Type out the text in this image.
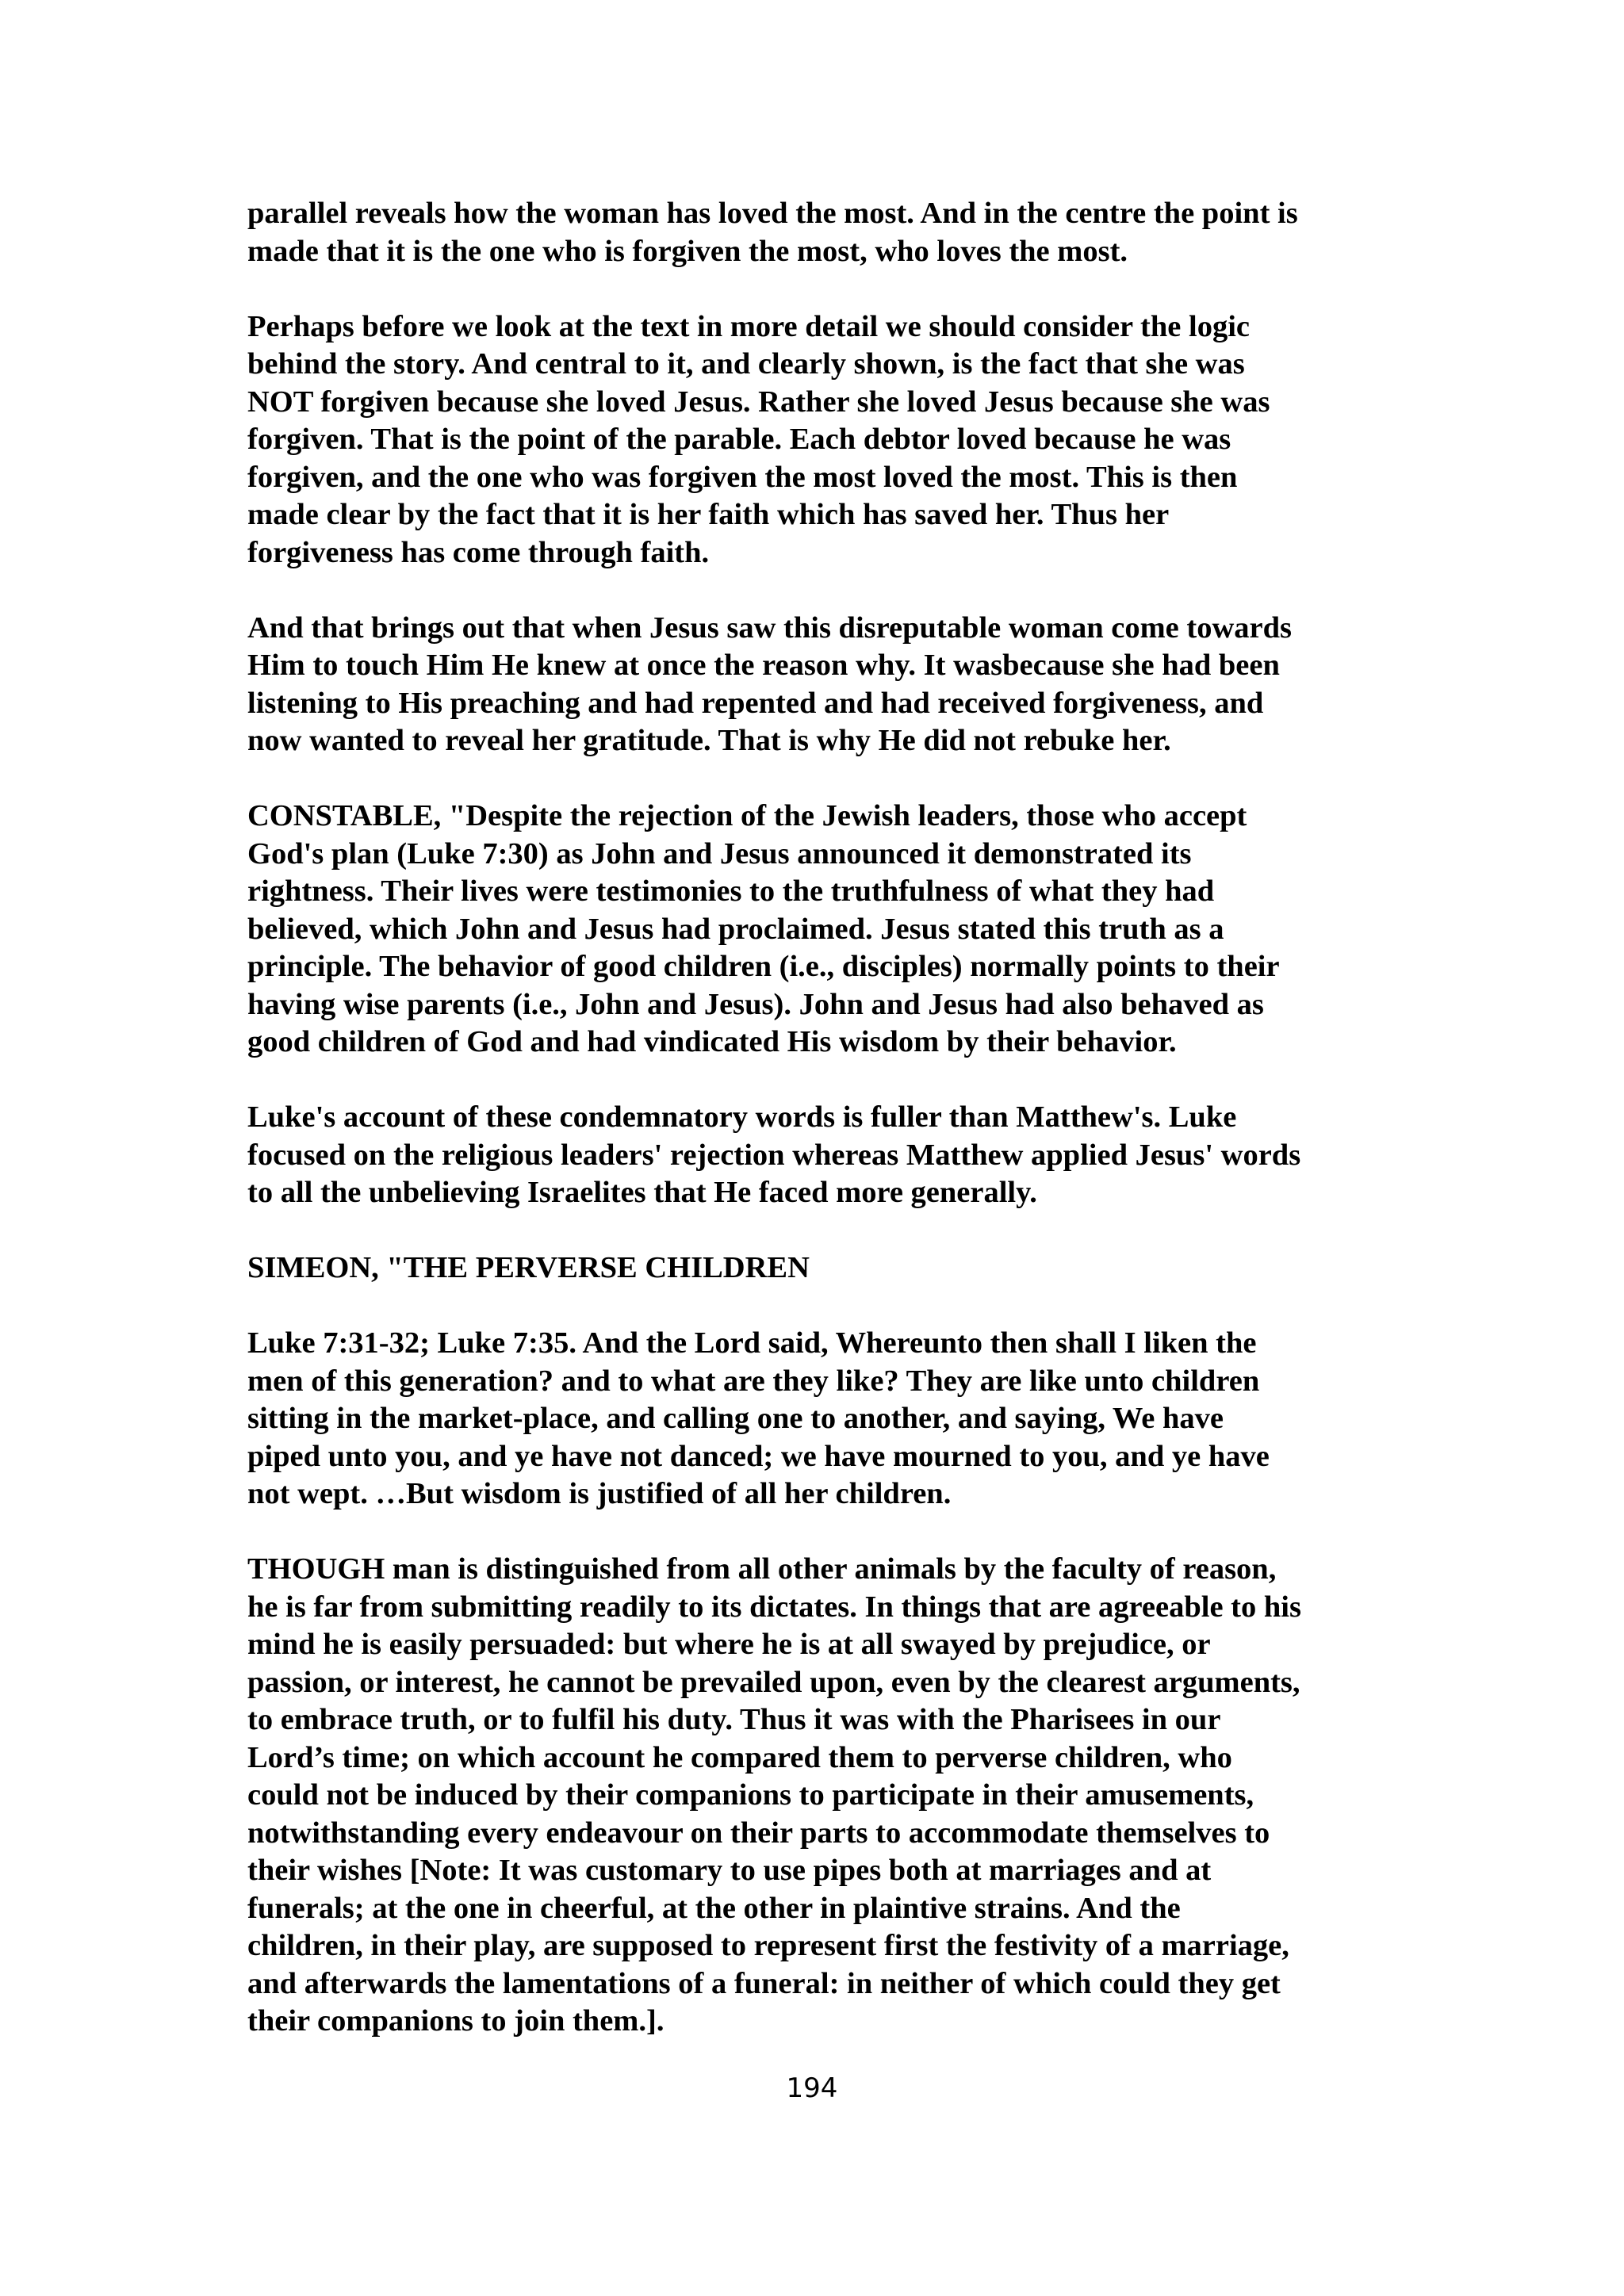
parallel reveals how the woman has loved the most. And in the centre the point is
made that it is the one who is forgiven the most, who loves the most.

Perhaps before we look at the text in more detail we should consider the logic
behind the story. And central to it, and clearly shown, is the fact that she was
NOT forgiven because she loved Jesus. Rather she loved Jesus because she was
forgiven. That is the point of the parable. Each debtor loved because he was
forgiven, and the one who was forgiven the most loved the most. This is then
made clear by the fact that it is her faith which has saved her. Thus her
forgiveness has come through faith.

And that brings out that when Jesus saw this disreputable woman come towards
Him to touch Him He knew at once the reason why. It wasbecause she had been
listening to His preaching and had repented and had received forgiveness, and
now wanted to reveal her gratitude. That is why He did not rebuke her.

CONSTABLE, "Despite the rejection of the Jewish leaders, those who accept
God's plan (Luke 7:30) as John and Jesus announced it demonstrated its
rightness. Their lives were testimonies to the truthfulness of what they had
believed, which John and Jesus had proclaimed. Jesus stated this truth as a
principle. The behavior of good children (i.e., disciples) normally points to their
having wise parents (i.e., John and Jesus). John and Jesus had also behaved as
good children of God and had vindicated His wisdom by their behavior.

Luke's account of these condemnatory words is fuller than Matthew's. Luke
focused on the religious leaders' rejection whereas Matthew applied Jesus' words
to all the unbelieving Israelites that He faced more generally.

SIMEON, "THE PERVERSE CHILDREN

Luke 7:31-32; Luke 7:35. And the Lord said, Whereunto then shall I liken the
men of this generation? and to what are they like? They are like unto children
sitting in the market-place, and calling one to another, and saying, We have
piped unto you, and ye have not danced; we have mourned to you, and ye have
not wept. …But wisdom is justified of all her children.

THOUGH man is distinguished from all other animals by the faculty of reason,
he is far from submitting readily to its dictates. In things that are agreeable to his
mind he is easily persuaded: but where he is at all swayed by prejudice, or
passion, or interest, he cannot be prevailed upon, even by the clearest arguments,
to embrace truth, or to fulfil his duty. Thus it was with the Pharisees in our
Lord’s time; on which account he compared them to perverse children, who
could not be induced by their companions to participate in their amusements,
notwithstanding every endeavour on their parts to accommodate themselves to
their wishes [Note: It was customary to use pipes both at marriages and at
funerals; at the one in cheerful, at the other in plaintive strains. And the
children, in their play, are supposed to represent first the festivity of a marriage,
and afterwards the lamentations of a funeral: in neither of which could they get
their companions to join them.].

194
